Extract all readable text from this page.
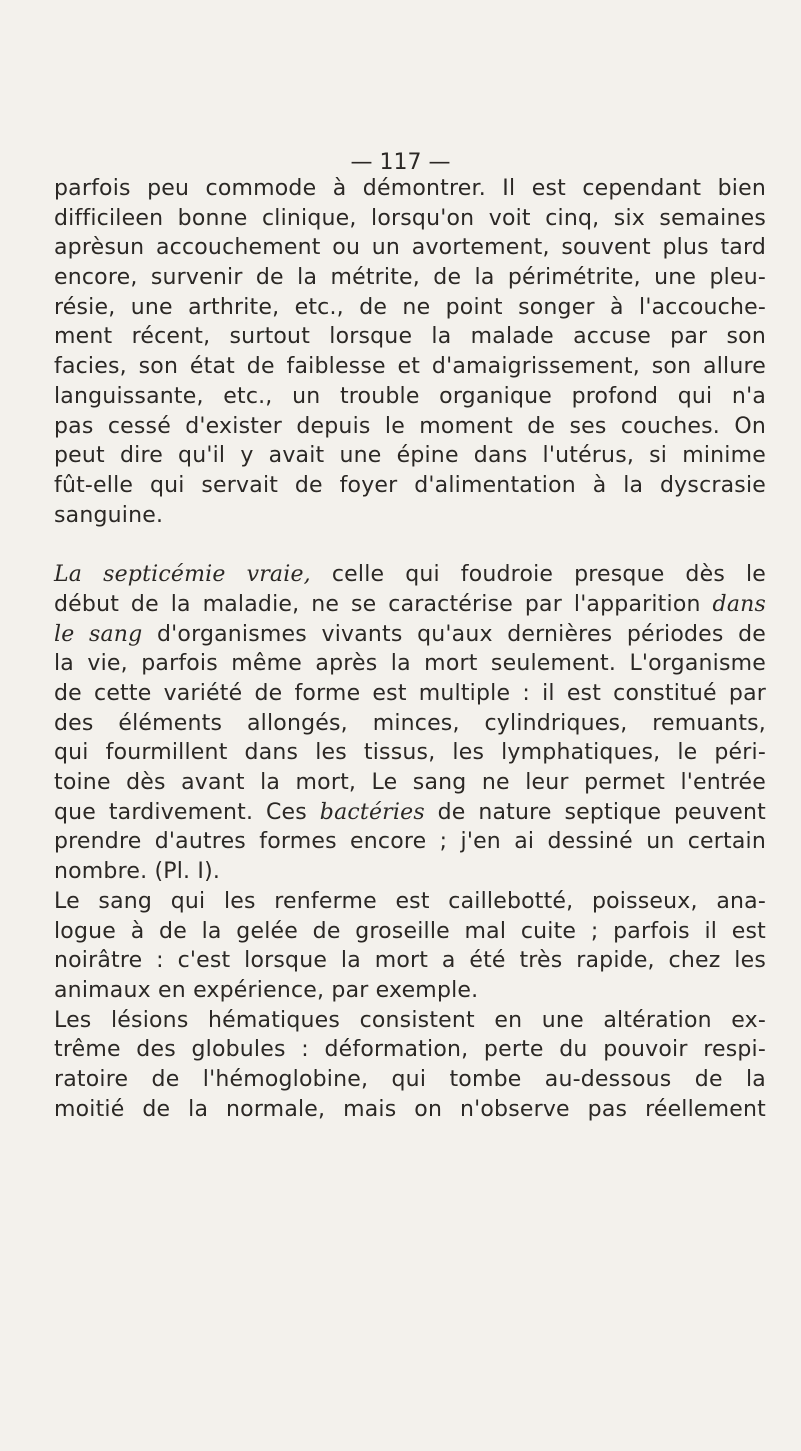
— 117 —
parfois peu commode à démontrer. Il est cependant bien
difficileen bonne clinique, lorsqu'on voit cinq, six semaines
aprèsun accouchement ou un avortement, souvent plus tard
encore, survenir de la métrite, de la périmétrite, une pleu-
résie, une arthrite, etc., de ne point songer à l'accouche-
ment récent, surtout lorsque la malade accuse par son
facies, son état de faiblesse et d'amaigrissement, son allure
languissante, etc., un trouble organique profond qui n'a
pas cessé d'exister depuis le moment de ses couches. On
peut dire qu'il y avait une épine dans l'utérus, si minime
fût-elle qui servait de foyer d'alimentation à la dyscrasie
sanguine.
La septicémie vraie, celle qui foudroie presque dès le
début de la maladie, ne se caractérise par l'apparition dans
le sang d'organismes vivants qu'aux dernières périodes de
la vie, parfois même après la mort seulement. L'organisme
de cette variété de forme est multiple : il est constitué par
des éléments allongés, minces, cylindriques, remuants,
qui fourmillent dans les tissus, les lymphatiques, le péri-
toine dès avant la mort, Le sang ne leur permet l'entrée
que tardivement. Ces bactéries de nature septique peuvent
prendre d'autres formes encore ; j'en ai dessiné un certain
nombre. (Pl. I).
Le sang qui les renferme est caillebotté, poisseux, ana-
logue à de la gelée de groseille mal cuite ; parfois il est
noirâtre : c'est lorsque la mort a été très rapide, chez les
animaux en expérience, par exemple.
Les lésions hématiques consistent en une altération ex-
trême des globules : déformation, perte du pouvoir respi-
ratoire de l'hémoglobine, qui tombe au-dessous de la
moitié de la normale, mais on n'observe pas réellement
